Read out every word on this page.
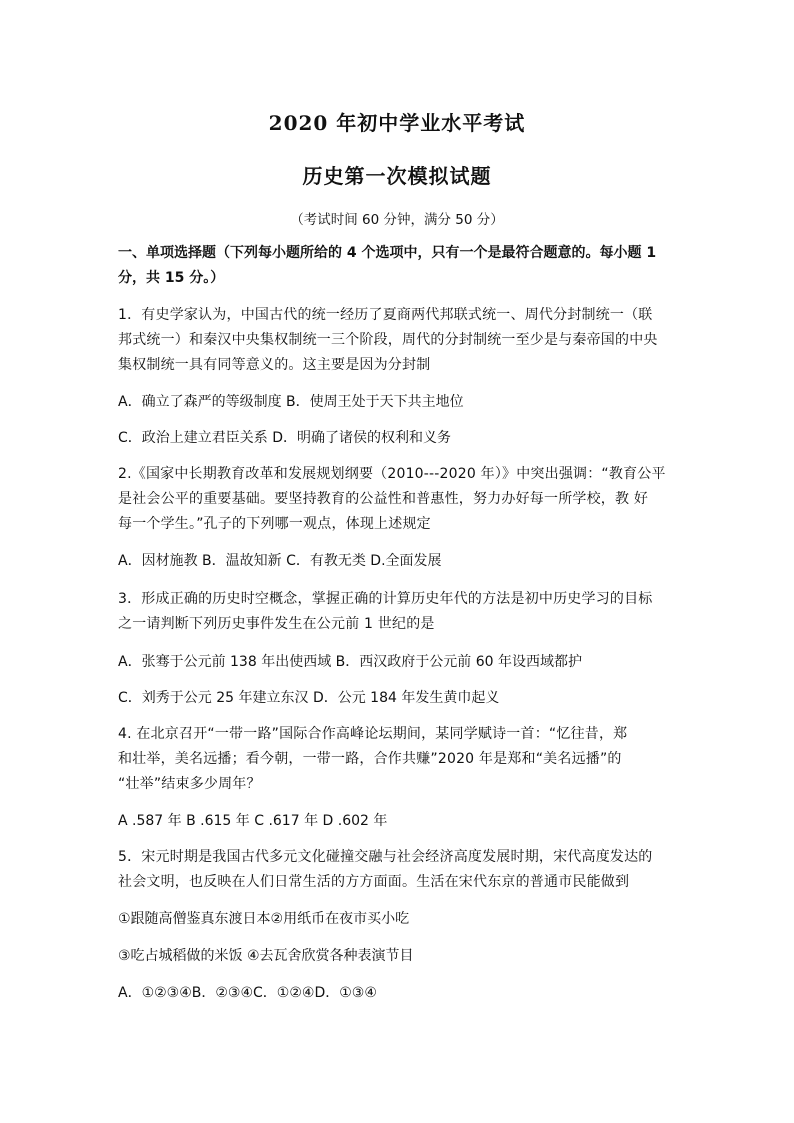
2020 年初中学业水平考试
历史第一次模拟试题
（考试时间 60 分钟，满分 50 分）
一、单项选择题（下列每小题所给的 4 个选项中，只有一个是最符合题意的。每小题 1
分，共 15 分。）
1．有史学家认为，中国古代的统一经历了夏商两代邦联式统一、周代分封制统一（联
邦式统一）和秦汉中央集权制统一三个阶段，周代的分封制统一至少是与秦帝国的中央
集权制统一具有同等意义的。这主要是因为分封制
A．确立了森严的等级制度 B．使周王处于天下共主地位
C．政治上建立君臣关系 D．明确了诸侯的权利和义务
2.《国家中长期教育改革和发展规划纲要（2010---2020 年）》中突出强调：“教育公平
是社会公平的重要基础。要坚持教育的公益性和普惠性，努力办好每一所学校，教 好
每一个学生。”孔子的下列哪一观点，体现上述规定
A．因材施教 B．温故知新 C．有教无类 D.全面发展
3．形成正确的历史时空概念，掌握正确的计算历史年代的方法是初中历史学习的目标
之一请判断下列历史事件发生在公元前 1 世纪的是
A．张骞于公元前 138 年出使西域 B．西汉政府于公元前 60 年设西域都护
C．刘秀于公元 25 年建立东汉 D．公元 184 年发生黄巾起义
4. 在北京召开“一带一路”国际合作高峰论坛期间，某同学赋诗一首：“忆往昔，郑
和壮举，美名远播；看今朝，一带一路，合作共赚”2020 年是郑和“美名远播”的
“壮举”结束多少周年？
A .587 年 B .615 年 C .617 年 D .602 年
5．宋元时期是我国古代多元文化碰撞交融与社会经济高度发展时期，宋代高度发达的
社会文明，也反映在人们日常生活的方方面面。生活在宋代东京的普通市民能做到
①跟随高僧鉴真东渡日本②用纸币在夜市买小吃
③吃占城稻做的米饭 ④去瓦舍欣赏各种表演节目
A．①②③④B．②③④C．①②④D．①③④
